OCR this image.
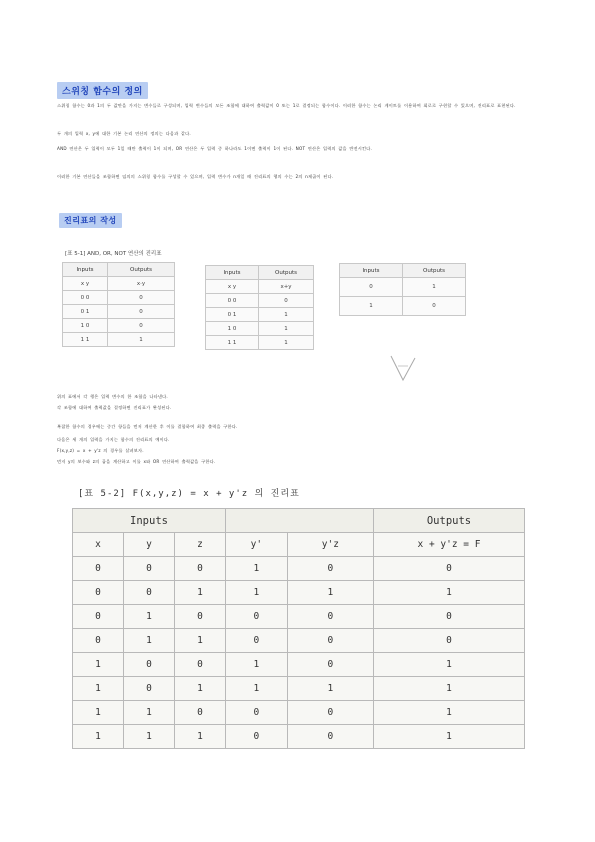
스위칭 함수의 정의
스위칭 함수는 0과 1의 두 값만을 가지는 변수들로 구성되며, 입력 변수들의 모든 조합에 대하여 출력값이 0 또는 1로 결정되는 함수이다. 이러한 함수는 논리 게이트를 이용하여 회로로 구현할 수 있으며, 진리표로 표현된다.
두 개의 입력 x, y에 대한 기본 논리 연산의 정의는 다음과 같다.
AND 연산은 두 입력이 모두 1일 때만 출력이 1이 되며, OR 연산은 두 입력 중 하나라도 1이면 출력이 1이 된다. NOT 연산은 입력의 값을 반전시킨다.
이러한 기본 연산들을 조합하면 임의의 스위칭 함수를 구성할 수 있으며, 입력 변수가 n개일 때 진리표의 행의 수는 2의 n제곱이 된다.
진리표의 작성
[표 5-1] AND, OR, NOT 연산의 진리표
Inputs	Outputs
x y	x·y
0 0	0
0 1	0
1 0	0
1 1	1
Inputs	Outputs
x y	x+y
0 0	0
0 1	1
1 0	1
1 1	1
Inputs	Outputs
0	1
1	0
위의 표에서 각 행은 입력 변수의 한 조합을 나타낸다.
각 조합에 대하여 출력값을 결정하면 진리표가 완성된다.
복잡한 함수의 경우에는 중간 항들을 먼저 계산한 후 이를 결합하여 최종 출력을 구한다.
다음은 세 개의 입력을 가지는 함수의 진리표의 예이다.
F(x,y,z) = x + y'z 의 경우를 살펴보자.
먼저 y의 보수와 z의 곱을 계산하고 이를 x와 OR 연산하여 출력값을 구한다.
[표 5-2] F(x,y,z) = x + y'z 의 진리표
Inputs					Outputs
x	y	z	y'	y'z	x + y'z = F
0	0	0	1	0	0
0	0	1	1	1	1
0	1	0	0	0	0
0	1	1	0	0	0
1	0	0	1	0	1
1	0	1	1	1	1
1	1	0	0	0	1
1	1	1	0	0	1
